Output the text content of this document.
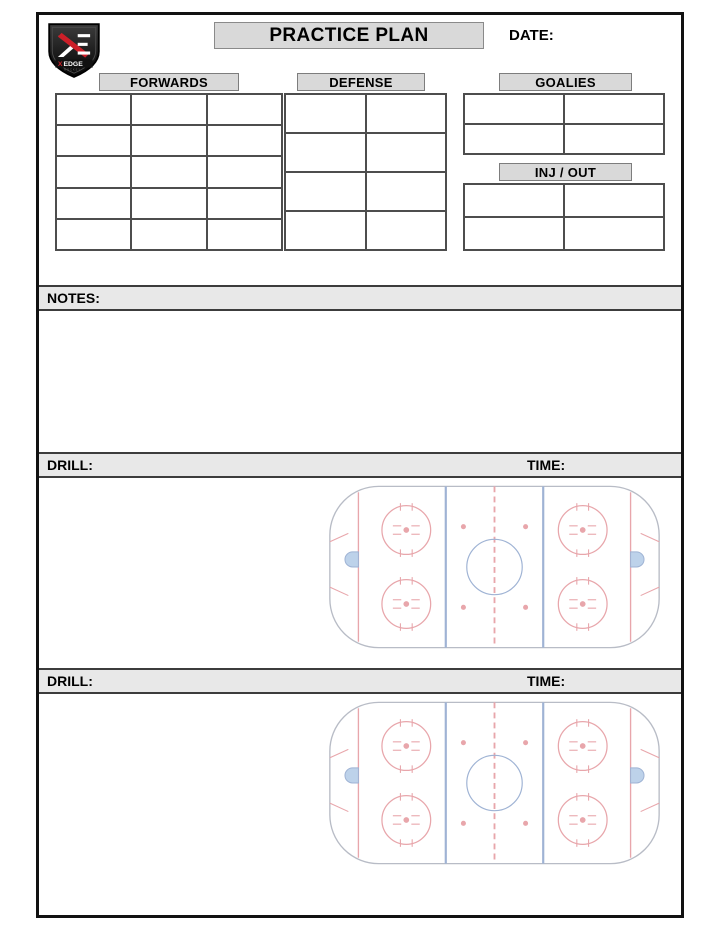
X EDGE
HOCKEY
PRACTICE PLAN	DATE:
FORWARDS	DEFENSE	GOALIES
INJ / OUT
NOTES:
DRILL:	TIME:
DRILL:	TIME:
